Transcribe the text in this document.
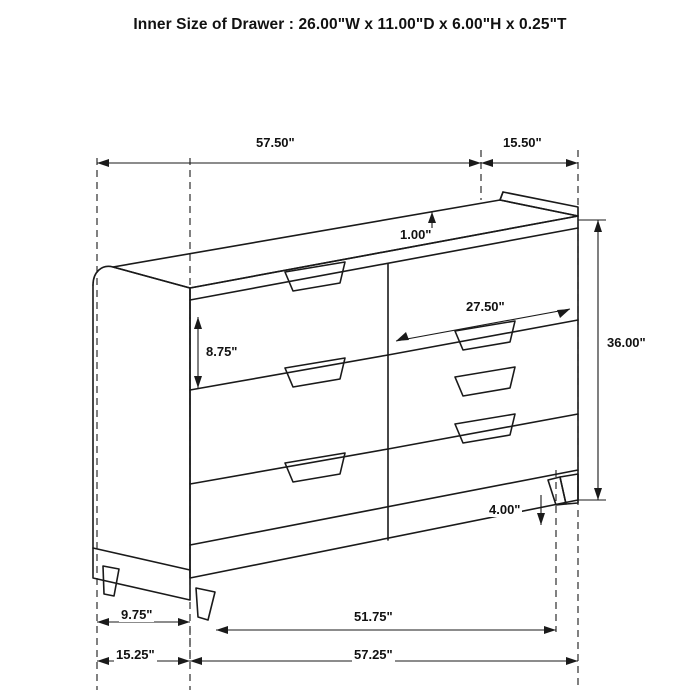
Inner Size of Drawer : 26.00"W x 11.00"D x 6.00"H x 0.25"T
57.50"	15.50"
1.00"
27.50"
8.75"
36.00"
4.00"
9.75"	51.75"
15.25"	57.25"
